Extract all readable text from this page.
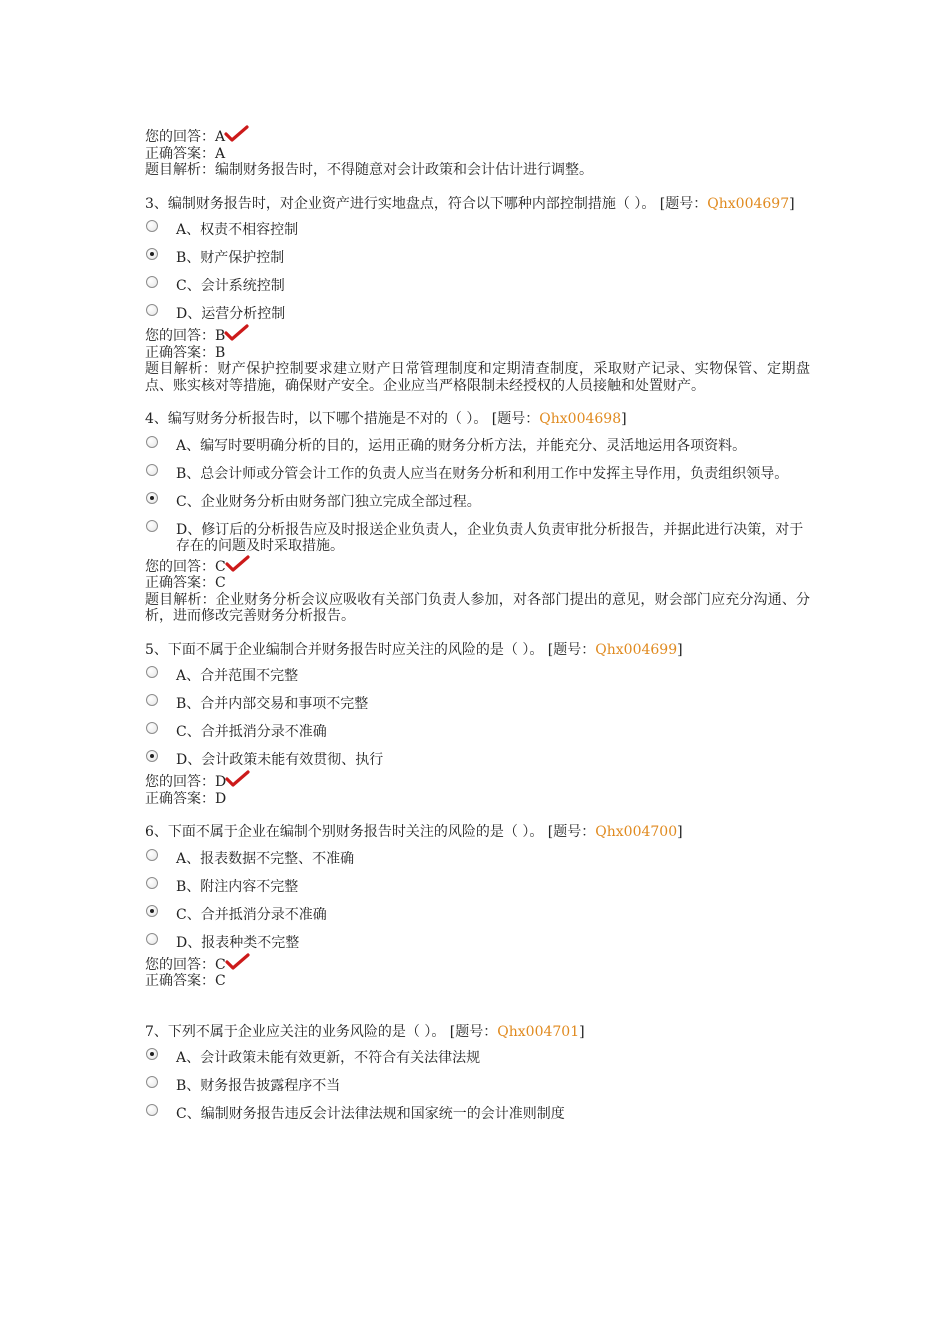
您的回答：A
正确答案：A
题目解析：编制财务报告时，不得随意对会计政策和会计估计进行调整。
3、编制财务报告时，对企业资产进行实地盘点，符合以下哪种内部控制措施（ ）。 [题号：Qhx004697]
A、权责不相容控制
B、财产保护控制
C、会计系统控制
D、运营分析控制
您的回答：B
正确答案：B
题目解析：财产保护控制要求建立财产日常管理制度和定期清查制度，采取财产记录、实物保管、定期盘点、账实核对等措施，确保财产安全。企业应当严格限制未经授权的人员接触和处置财产。
4、编写财务分析报告时，以下哪个措施是不对的（ ）。 [题号：Qhx004698]
A、编写时要明确分析的目的，运用正确的财务分析方法，并能充分、灵活地运用各项资料。
B、总会计师或分管会计工作的负责人应当在财务分析和利用工作中发挥主导作用，负责组织领导。
C、企业财务分析由财务部门独立完成全部过程。
D、修订后的分析报告应及时报送企业负责人，企业负责人负责审批分析报告，并据此进行决策，对于存在的问题及时采取措施。
您的回答：C
正确答案：C
题目解析：企业财务分析会议应吸收有关部门负责人参加，对各部门提出的意见，财会部门应充分沟通、分析，进而修改完善财务分析报告。
5、下面不属于企业编制合并财务报告时应关注的风险的是（ ）。 [题号：Qhx004699]
A、合并范围不完整
B、合并内部交易和事项不完整
C、合并抵消分录不准确
D、会计政策未能有效贯彻、执行
您的回答：D
正确答案：D
6、下面不属于企业在编制个别财务报告时关注的风险的是（ ）。 [题号：Qhx004700]
A、报表数据不完整、不准确
B、附注内容不完整
C、合并抵消分录不准确
D、报表种类不完整
您的回答：C
正确答案：C
7、下列不属于企业应关注的业务风险的是（ ）。 [题号：Qhx004701]
A、会计政策未能有效更新，不符合有关法律法规
B、财务报告披露程序不当
C、编制财务报告违反会计法律法规和国家统一的会计准则制度
